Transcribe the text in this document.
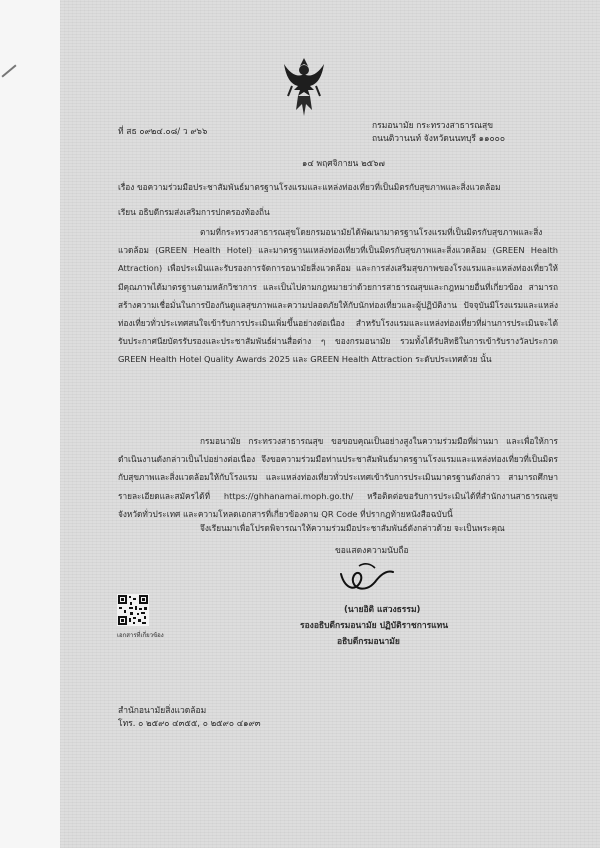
ที่ สธ ๐๙๒๔.๐๘/ ว ๙๖๖
กรมอนามัย กระทรวงสาธารณสุข
ถนนติวานนท์ จังหวัดนนทบุรี ๑๑๐๐๐
๑๔ พฤศจิกายน ๒๕๖๗
เรื่อง ขอความร่วมมือประชาสัมพันธ์มาตรฐานโรงแรมและแหล่งท่องเที่ยวที่เป็นมิตรกับสุขภาพและสิ่งแวดล้อม
เรียน อธิบดีกรมส่งเสริมการปกครองท้องถิ่น

ตามที่กระทรวงสาธารณสุขโดยกรมอนามัยได้พัฒนามาตรฐานโรงแรมที่เป็นมิตรกับสุขภาพและสิ่งแวดล้อม (GREEN Health Hotel) และมาตรฐานแหล่งท่องเที่ยวที่เป็นมิตรกับสุขภาพและสิ่งแวดล้อม (GREEN Health Attraction) เพื่อประเมินและรับรองการจัดการอนามัยสิ่งแวดล้อม และการส่งเสริมสุขภาพของโรงแรมและแหล่งท่องเที่ยวให้มีคุณภาพได้มาตรฐานตามหลักวิชาการ และเป็นไปตามกฎหมายว่าด้วยการสาธารณสุขและกฎหมายอื่นที่เกี่ยวข้อง สามารถสร้างความเชื่อมั่นในการป้องกันดูแลสุขภาพและความปลอดภัยให้กับนักท่องเที่ยวและผู้ปฏิบัติงาน ปัจจุบันมีโรงแรมและแหล่งท่องเที่ยวทั่วประเทศสนใจเข้ารับการประเมินเพิ่มขึ้นอย่างต่อเนื่อง สำหรับโรงแรมและแหล่งท่องเที่ยวที่ผ่านการประเมินจะได้รับประกาศนียบัตรรับรองและประชาสัมพันธ์ผ่านสื่อต่าง ๆ ของกรมอนามัย รวมทั้งได้รับสิทธิในการเข้ารับรางวัลประกวด GREEN Health Hotel Quality Awards 2025 และ GREEN Health Attraction ระดับประเทศด้วย นั้น

กรมอนามัย กระทรวงสาธารณสุข ขอขอบคุณเป็นอย่างสูงในความร่วมมือที่ผ่านมา และเพื่อให้การดำเนินงานดังกล่าวเป็นไปอย่างต่อเนื่อง จึงขอความร่วมมือท่านประชาสัมพันธ์มาตรฐานโรงแรมและแหล่งท่องเที่ยวที่เป็นมิตรกับสุขภาพและสิ่งแวดล้อมให้กับโรงแรม และแหล่งท่องเที่ยวทั่วประเทศเข้ารับการประเมินมาตรฐานดังกล่าว สามารถศึกษารายละเอียดและสมัครได้ที่ https://ghhanamai.moph.go.th/ หรือติดต่อขอรับการประเมินได้ที่สำนักงานสาธารณสุขจังหวัดทั่วประเทศ และความโหลดเอกสารที่เกี่ยวข้องตาม QR Code ที่ปรากฏท้ายหนังสือฉบับนี้

จึงเรียนมาเพื่อโปรดพิจารณาให้ความร่วมมือประชาสัมพันธ์ดังกล่าวด้วย จะเป็นพระคุณ

ขอแสดงความนับถือ
(นายอิติ แสวงธรรม)
รองอธิบดีกรมอนามัย ปฏิบัติราชการแทน
อธิบดีกรมอนามัย
เอกสารที่เกี่ยวข้อง
สำนักอนามัยสิ่งแวดล้อม
โทร. ๐ ๒๕๙๐ ๔๓๕๕, ๐ ๒๕๙๐ ๔๑๙๓
